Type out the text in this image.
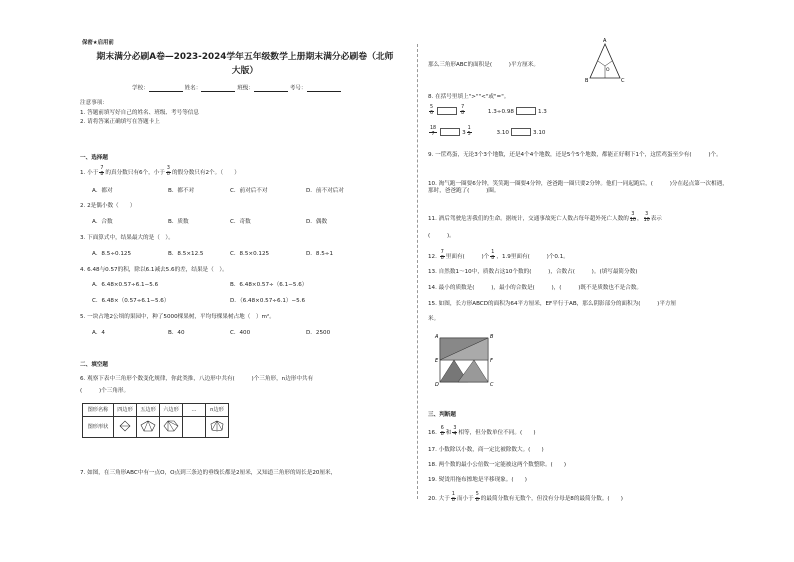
保密★启用前
期末满分必刷A卷—2023-2024学年五年级数学上册期末满分必刷卷（北师
大版）
学校：	姓名：	班级：	考号：
注意事项：
1. 答题前填写好自己的姓名、班级、考号等信息
2. 请将答案正确填写在答题卡上
一、选择题
1. 小于 $\frac{7}{8}$ 的真分数只有6个，小于 $\frac{3}{8}$ 的假分数只有2个。（　　）
A．都对	B．都不对	C．前对后不对	D．前不对后对
2. 2是偶小数（　　）
A．合数	B．质数	C．奇数	D．偶数
3. 下面算式中，结果最大的是（　）。
A．8.5÷0.125	B．8.5×12.5	C．8.5×0.125	D．8.5÷1
4. 6.48与0.57的积，除以6.1减去5.6的差，结果是（　）。
A．6.48×0.57÷6.1−5.6	B．6.48×0.57÷（6.1−5.6）
C．6.48×（0.57÷6.1−5.6）	D．（6.48×0.57÷6.1）−5.6
5. 一块占地2公顷的果园中，种了5000棵果树，平均每棵果树占地（　）m²。
A．4	B．40	C．400	D．2500
二、填空题
6. 观察下表中三角形个数变化规律，你此类推，八边形中共有(　　　)个三角形，n边形中共有
(　　　)个三角形。
图形名称	四边形	五边形	六边形	…	n边形
图形形状					
7. 如图，在三角形ABC中有一点O，O点到三条边的垂线长都是2厘米，又知道三角形的周长是20厘米，
那么三角形ABC的面积是(　　　)平方厘米。
A
B	C
O
8. 在括号里填上">""<"或"="。
$\frac{5}{6}$	$\frac{7}{8}$	1.3÷0.98	1.3
$\frac{18}{7}$	$3 \frac{1}{5}$	3.10	3.10
9. 一筐鸡蛋，无论3个3个地数，还是4个4个地数，还是5个5个地数，都能正好剩下1个，这筐鸡蛋至少有(　　　)个。
10. 淘气跑一圈要6分钟，笑笑跑一圈要4分钟，爸爸跑一圈只要2分钟。他们一同起跑后，(　　　)分在起点第一次相遇，那时，爸爸跑了(　　　)圈。
11. 酒后驾驶危害我们的生命。据统计，交通事故死亡人数占每年超外死亡人数的 $\frac{3}{10}$ ， $\frac{3}{10}$ 表示
(　　　)。
12. $\frac{7}{8}$ 里面有(　　　)个 $\frac{1}{8}$ ，1.9里面有(　　　)个0.1。
13. 自然数1～10中，质数占这10个数的(　　　)，合数占(　　　)。(填写最简分数)
14. 最小的质数是(　　　)，最小的合数是(　　　)，(　　　)既不是质数也不是合数。
15. 如图，长方形ABCD的面积为64平方厘米，EF平行于AB，那么阴影部分的面积为(　　　)平方厘
米。
A	B
C
D
E	F
三、判断题
16. $\frac{6}{8}$ 和 $\frac{3}{4}$ 相等，但分数单位不同。(　　)
17. 小数除以小数，商一定比被除数大。(　　)
18. 两个数的最小公倍数一定能被这两个数整除。(　　)
19. 熨烫用拖布擦地是平移现象。(　　)
20. 大于 $\frac{1}{8}$ 而小于 $\frac{5}{8}$ 的最简分数有无数个，但没有分母是8的最简分数。(　　)
